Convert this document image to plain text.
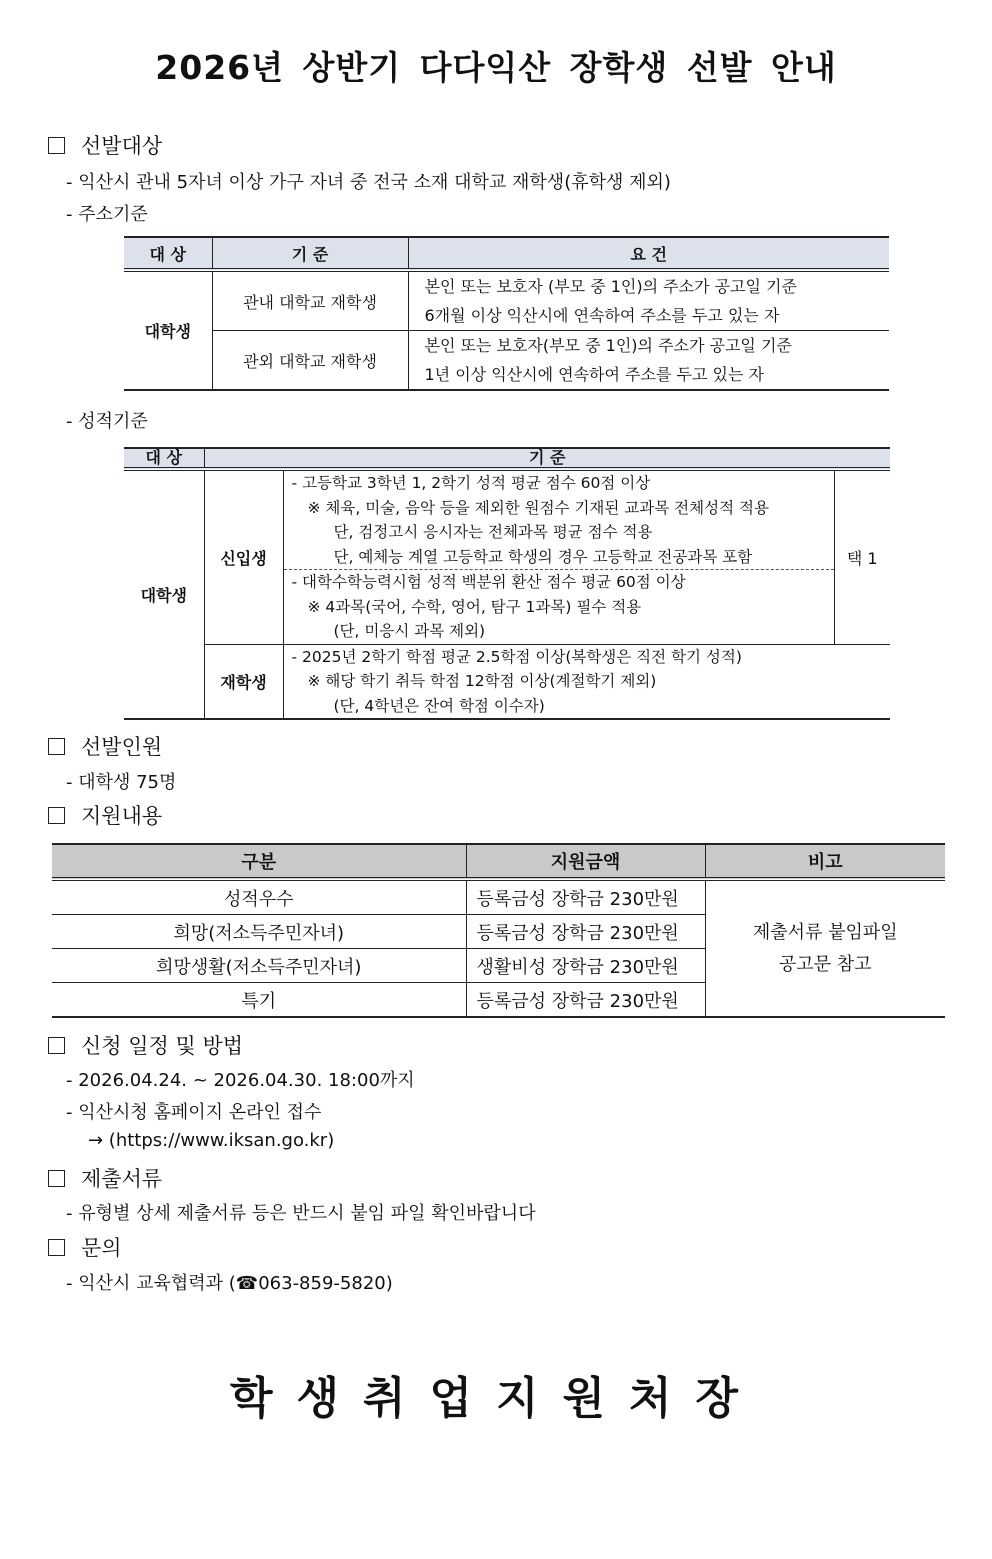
2026년 상반기 다다익산 장학생 선발 안내
선발대상
- 익산시 관내 5자녀 이상 가구 자녀 중 전국 소재 대학교 재학생(휴학생 제외)
- 주소기준
대 상	기 준	요 건
대학생	관내 대학교 재학생	본인 또는 보호자 (부모 중 1인)의 주소가 공고일 기준
6개월 이상 익산시에 연속하여 주소를 두고 있는 자

	관외 대학교 재학생	본인 또는 보호자(부모 중 1인)의 주소가 공고일 기준
1년 이상 익산시에 연속하여 주소를 두고 있는 자
- 성적기준
대 상	기 준		
대학생	신입생	- 고등학교 3학년 1, 2학기 성적 평균 점수 60점 이상
※ 체육, 미술, 음악 등을 제외한 원점수 기재된 교과목 전체성적 적용
단, 검정고시 응시자는 전체과목 평균 점수 적용
단, 예체능 계열 고등학교 학생의 경우 고등학교 전공과목 포함	택 1

		- 대학수학능력시험 성적 백분위 환산 점수 평균 60점 이상
※ 4과목(국어, 수학, 영어, 탐구 1과목) 필수 적용
(단, 미응시 과목 제외)	

	재학생	- 2025년 2학기 학점 평균 2.5학점 이상(복학생은 직전 학기 성적)
※ 해당 학기 취득 학점 12학점 이상(계절학기 제외)
(단, 4학년은 잔여 학점 이수자)	
선발인원
- 대학생 75명
지원내용
구분	지원금액	비고
성적우수	등록금성 장학금 230만원	제출서류 붙임파일
공고문 참고

희망(저소득주민자녀)	등록금성 장학금 230만원	
희망생활(저소득주민자녀)	생활비성 장학금 230만원	
특기	등록금성 장학금 230만원	
신청 일정 및 방법
- 2026.04.24. ~ 2026.04.30. 18:00까지
- 익산시청 홈페이지 온라인 접수
→ (https://www.iksan.go.kr)
제출서류
- 유형별 상세 제출서류 등은 반드시 붙임 파일 확인바랍니다
문의
- 익산시 교육협력과 (☎063-859-5820)
학생취업지원처장
